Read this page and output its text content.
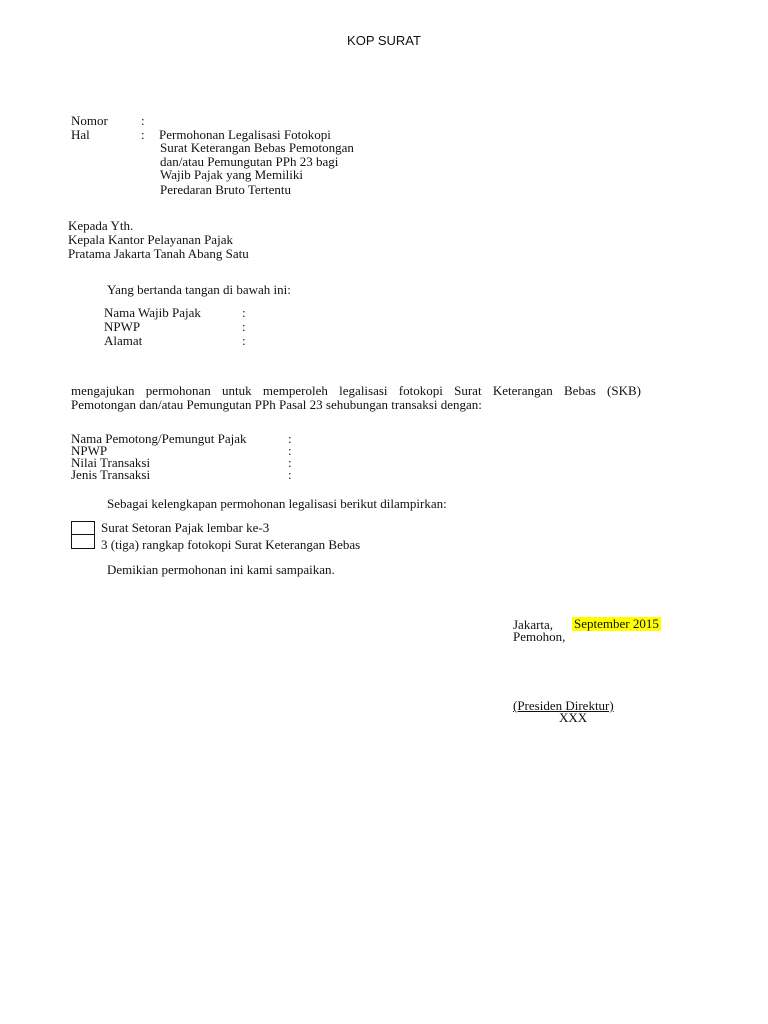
KOP SURAT
Nomor	:
Hal	: Permohonan Legalisasi Fotokopi
Surat Keterangan Bebas Pemotongan
dan/atau Pemungutan PPh 23 bagi
Wajib Pajak yang Memiliki
Peredaran Bruto Tertentu
Kepada Yth.
Kepala Kantor Pelayanan Pajak
Pratama Jakarta Tanah Abang Satu
Yang bertanda tangan di bawah ini:
Nama Wajib Pajak	:
NPWP	:
Alamat	:
mengajukan permohonan untuk memperoleh legalisasi fotokopi Surat Keterangan Bebas (SKB)
Pemotongan dan/atau Pemungutan PPh Pasal 23 sehubungan transaksi dengan:
Nama Pemotong/Pemungut Pajak	:
NPWP	:
Nilai Transaksi	:
Jenis Transaksi	:
Sebagai kelengkapan permohonan legalisasi berikut dilampirkan:
Surat Setoran Pajak lembar ke-3
3 (tiga) rangkap fotokopi Surat Keterangan Bebas
Demikian permohonan ini kami sampaikan.
Jakarta, September 2015
Pemohon,
(Presiden Direktur)
XXX
